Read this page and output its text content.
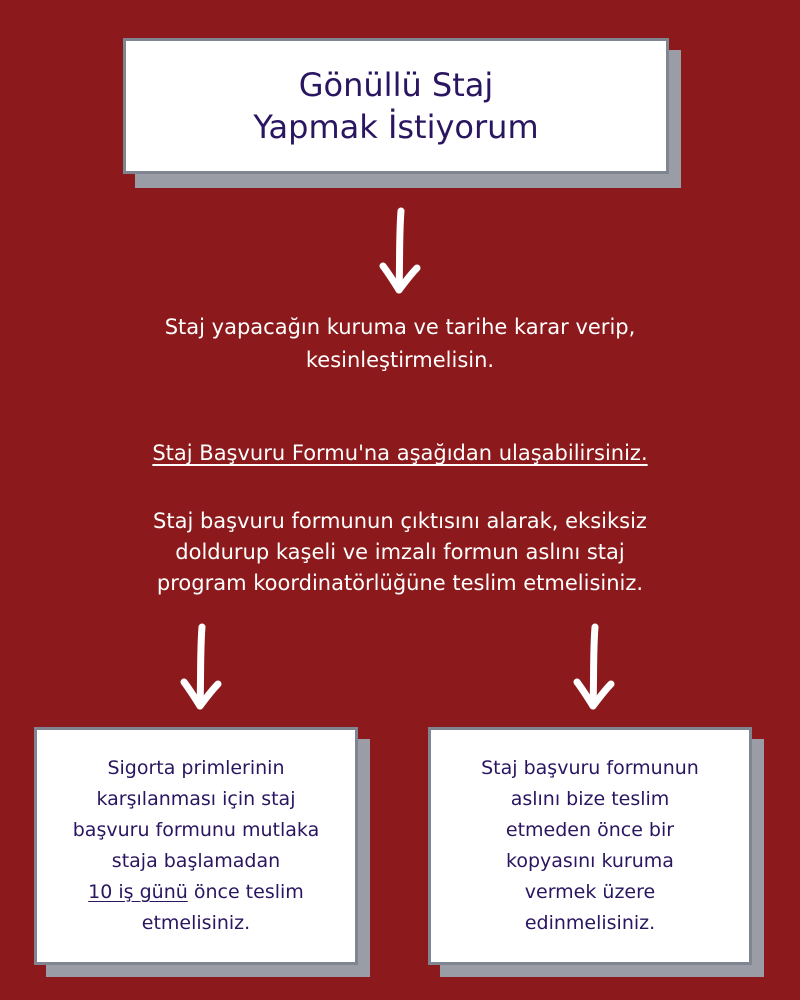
Gönüllü Staj
Yapmak İstiyorum
Staj yapacağın kuruma ve tarihe karar verip,
kesinleştirmelisin.
Staj Başvuru Formu'na aşağıdan ulaşabilirsiniz.
Staj başvuru formunun çıktısını alarak, eksiksiz
doldurup kaşeli ve imzalı formun aslını staj
program koordinatörlüğüne teslim etmelisiniz.
Sigorta primlerinin
karşılanması için staj
başvuru formunu mutlaka
staja başlamadan
10 iş günü önce teslim
etmelisiniz.
Staj başvuru formunun
aslını bize teslim
etmeden önce bir
kopyasını kuruma
vermek üzere
edinmelisiniz.
